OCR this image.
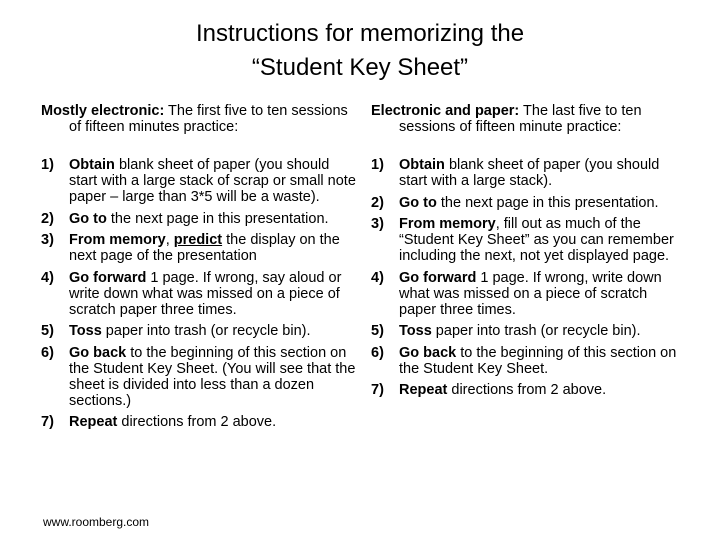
Instructions for memorizing the
“Student Key Sheet”

Mostly electronic: The first five to ten sessions of fifteen minutes practice:

1) Obtain blank sheet of paper (you should start with a large stack of scrap or small note paper – large than 3*5 will be a waste).
2) Go to the next page in this presentation.
3) From memory, predict the display on the next page of the presentation
4) Go forward 1 page. If wrong, say aloud or write down what was missed on a piece of scratch paper three times.
5) Toss paper into trash (or recycle bin).
6) Go back to the beginning of this section on the Student Key Sheet. (You will see that the sheet is divided into less than a dozen sections.)
7) Repeat directions from 2 above.

Electronic and paper: The last five to ten sessions of fifteen minute practice:

1) Obtain blank sheet of paper (you should start with a large stack).
2) Go to the next page in this presentation.
3) From memory, fill out as much of the “Student Key Sheet” as you can remember including the next, not yet displayed page.
4) Go forward 1 page. If wrong, write down what was missed on a piece of scratch paper three times.
5) Toss paper into trash (or recycle bin).
6) Go back to the beginning of this section on the Student Key Sheet.
7) Repeat directions from 2 above.
www.roomberg.com
